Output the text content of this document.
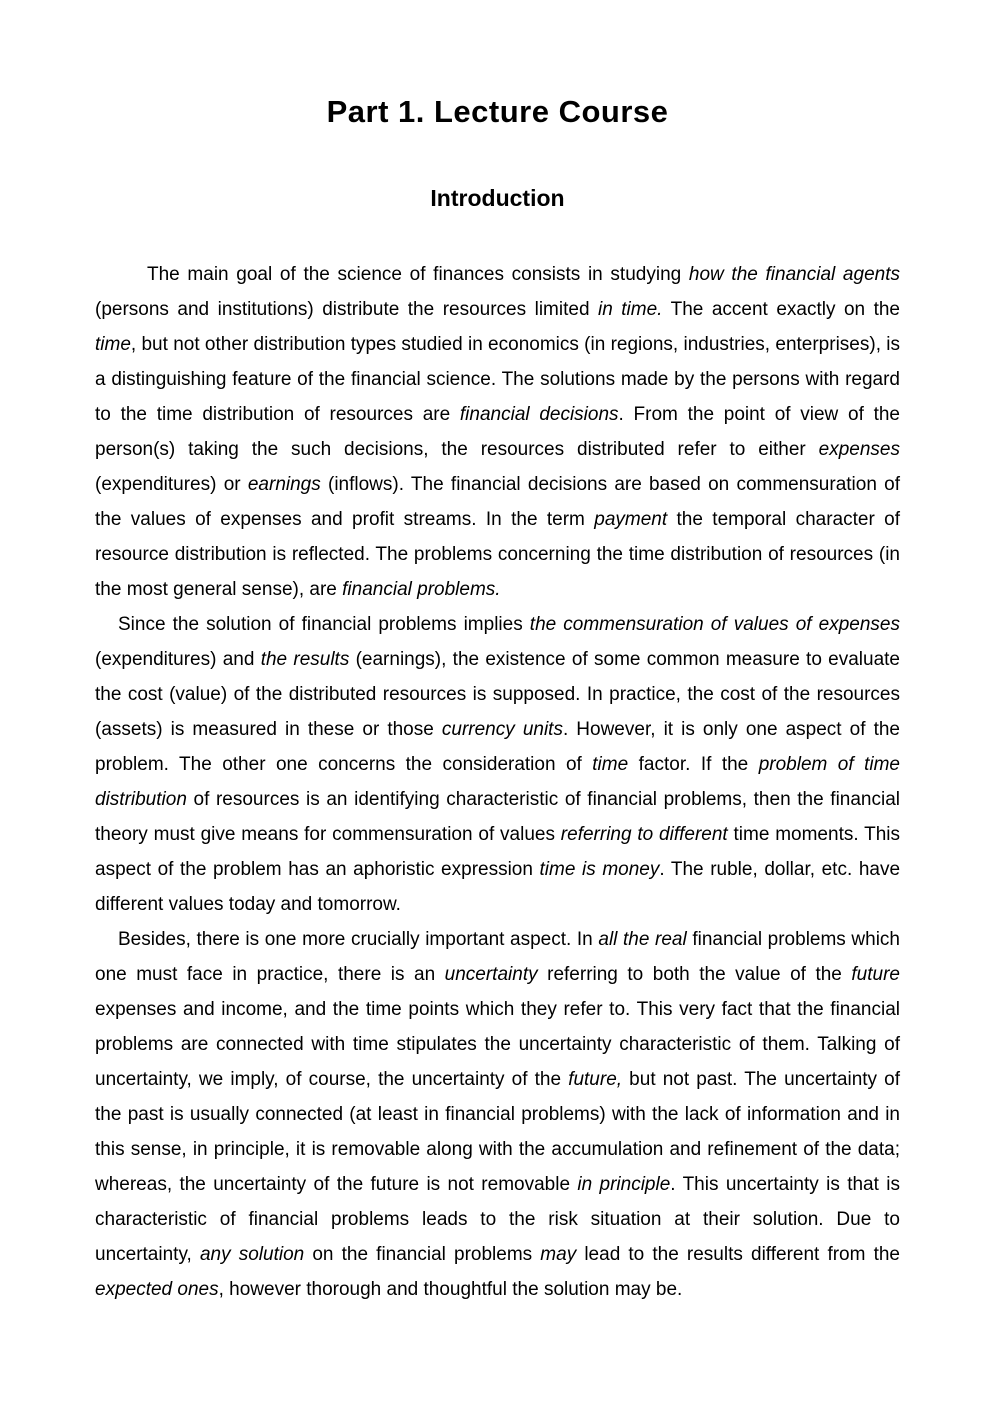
Part 1. Lecture Course
Introduction

The main goal of the science of finances consists in studying how the financial agents (persons and institutions) distribute the resources limited in time. The accent exactly on the time, but not other distribution types studied in economics (in regions, industries, enterprises), is a distinguishing feature of the financial science. The solutions made by the persons with regard to the time distribution of resources are financial decisions. From the point of view of the person(s) taking the such decisions, the resources distributed refer to either expenses (expenditures) or earnings (inflows). The financial decisions are based on commensuration of the values of expenses and profit streams. In the term payment the temporal character of resource distribution is reflected. The problems concerning the time distribution of resources (in the most general sense), are financial problems.

Since the solution of financial problems implies the commensuration of values of expenses (expenditures) and the results (earnings), the existence of some common measure to evaluate the cost (value) of the distributed resources is supposed. In practice, the cost of the resources (assets) is measured in these or those currency units. However, it is only one aspect of the problem. The other one concerns the consideration of time factor. If the problem of time distribution of resources is an identifying characteristic of financial problems, then the financial theory must give means for commensuration of values referring to different time moments. This aspect of the problem has an aphoristic expression time is money. The ruble, dollar, etc. have different values today and tomorrow.

Besides, there is one more crucially important aspect. In all the real financial problems which one must face in practice, there is an uncertainty referring to both the value of the future expenses and income, and the time points which they refer to. This very fact that the financial problems are connected with time stipulates the uncertainty characteristic of them. Talking of uncertainty, we imply, of course, the uncertainty of the future, but not past. The uncertainty of the past is usually connected (at least in financial problems) with the lack of information and in this sense, in principle, it is removable along with the accumulation and refinement of the data; whereas, the uncertainty of the future is not removable in principle. This uncertainty is that is characteristic of financial problems leads to the risk situation at their solution. Due to uncertainty, any solution on the financial problems may lead to the results different from the expected ones, however thorough and thoughtful the solution may be.
